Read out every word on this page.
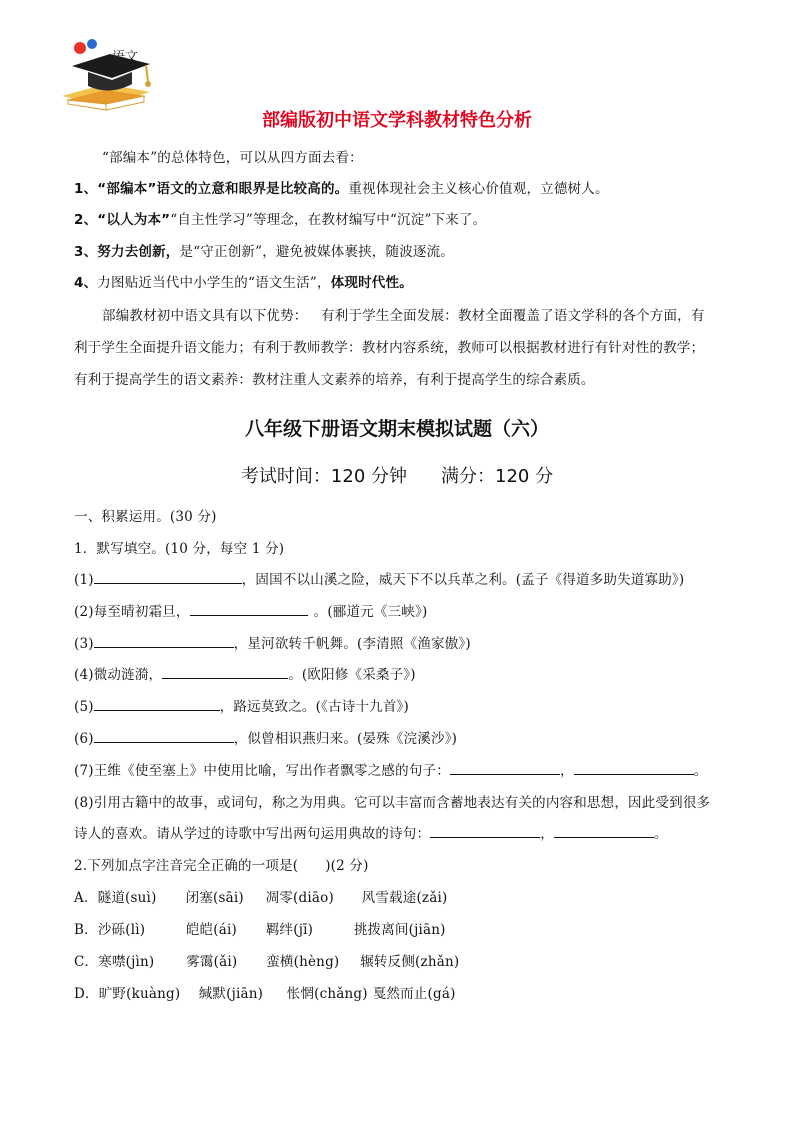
语文
部编版初中语文学科教材特色分析
“部编本”的总体特色，可以从四方面去看：
1、“部编本”语文的立意和眼界是比较高的。重视体现社会主义核心价值观，立德树人。
2、“以人为本”“自主性学习”等理念，在教材编写中“沉淀”下来了。
3、努力去创新，是“守正创新”，避免被媒体裹挟，随波逐流。
4、力图贴近当代中小学生的“语文生活”，体现时代性。
部编教材初中语文具有以下优势：   有利于学生全面发展：教材全面覆盖了语文学科的各个方面，有
利于学生全面提升语文能力；有利于教师教学：教材内容系统，教师可以根据教材进行有针对性的教学；
有利于提高学生的语文素养：教材注重人文素养的培养，有利于提高学生的综合素质。
八年级下册语文期末模拟试题（六）
考试时间：120 分钟 满分：120 分
一、积累运用。(30 分)
1．默写填空。(10 分，每空 1 分)
(1)	，固国不以山溪之险，威天下不以兵革之利。(孟子《得道多助失道寡助》)
(2)每至晴初霜旦，	。(郦道元《三峡》)
(3)	，星河欲转千帆舞。(李清照《渔家傲》)
(4)微动涟漪，	。(欧阳修《采桑子》)
(5)	，路远莫致之。(《古诗十九首》)
(6)	，似曾相识燕归来。(晏殊《浣溪沙》)
(7)王维《使至塞上》中使用比喻，写出作者飘零之感的句子：	，	。
(8)引用古籍中的故事，或词句，称之为用典。它可以丰富而含蓄地表达有关的内容和思想，因此受到很多
诗人的喜欢。请从学过的诗歌中写出两句运用典故的诗句：	，	。
2.下列加点字注音完全正确的一项是(      )(2 分)
A．隧道(suì) 闭塞(sāi) 凋零(diāo) 风雪载途(zǎi)
B．沙砾(lì)	皑皑(ái) 羁绊(jī)	挑拨离间(jiān)
C．寒噤(jìn) 雾霭(ǎi) 蛮横(hèng) 辗转反侧(zhǎn)
D．旷野(kuàng) 缄默(jiān) 怅惘(chǎng) 戛然而止(gá)
